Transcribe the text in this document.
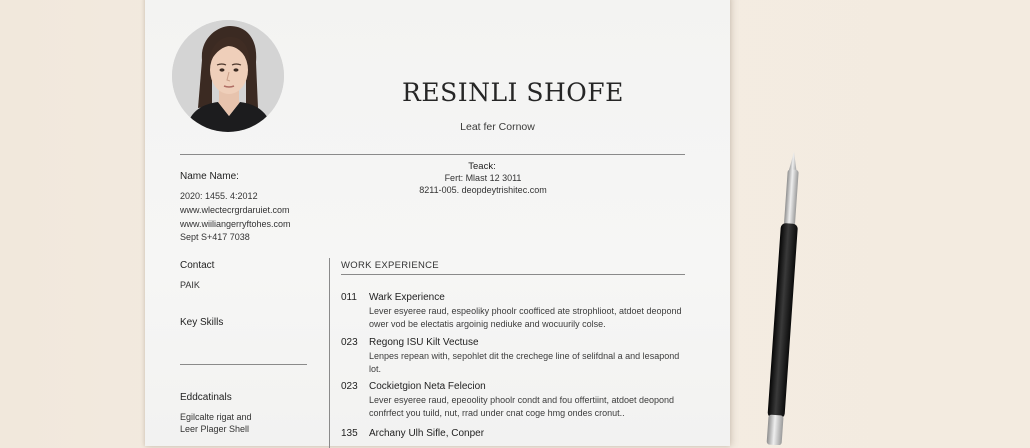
RESINLI SHOFE
Leat fer Cornow
Teack:
Fert: Mlast 12 3011
8211-005. deopdeytrishitec.com
Name Name:
2020: 1455. 4:2012
www.wlectecrgrdaruiet.com
www.wiiliangerryftohes.com
Sept S+417 7038
Contact
PAIK
Key Skills
Eddcatinals
Egilcalte rigat and
Leer Plager Shell
WORK EXPERIENCE
011 Wark Experience
Lever esyeree raud, espeoliky phoolr coofficed ate strophlioot, atdoet deopond
ower vod be electatis argoinig nediuke and wocuurily colse.
023 Regong ISU Kilt Vectuse
Lenpes repean with, sepohlet dit the crechege line of selifdnal a and lesapond
lot.
023 Cockietgion Neta Felecion
Lever esyeree raud, epeoolity phoolr condt and fou offertiint, atdoet deopond
confrfect you tuild, nut, rrad under cnat coge hmg ondes cronut..
135 Archany Ulh Sifle, Conper
